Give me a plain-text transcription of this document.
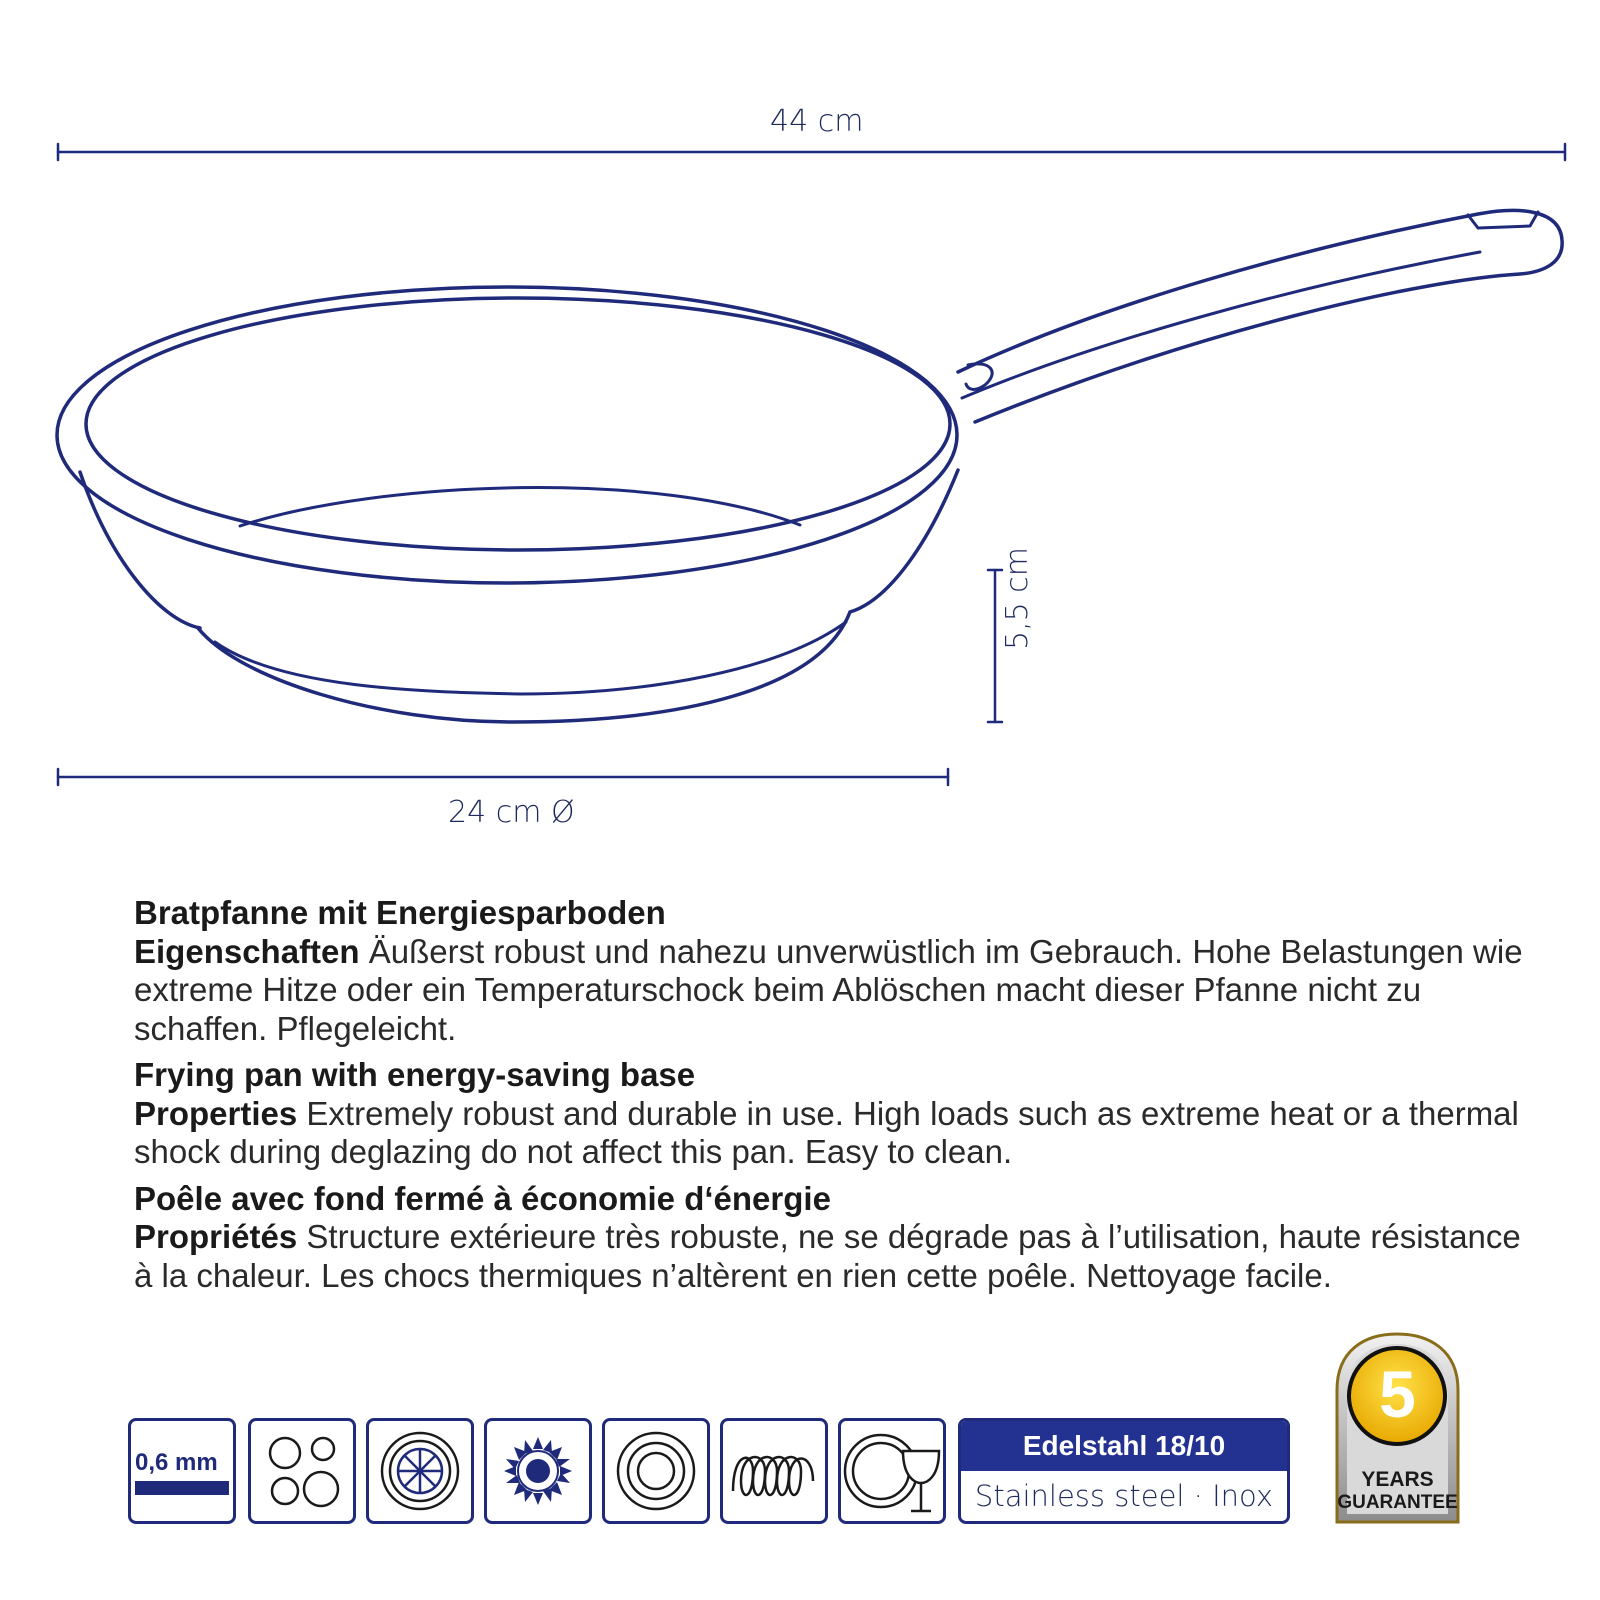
44 cm
24 cm Ø
5,5 cm
Bratpfanne mit Energiesparboden
Eigenschaften Äußerst robust und nahezu unverwüstlich im Gebrauch. Hohe Belastungen wie extreme Hitze oder ein Temperaturschock beim Ablöschen macht dieser Pfanne nicht zu schaffen. Pflegeleicht.
Frying pan with energy-saving base
Properties Extremely robust and durable in use. High loads such as extreme heat or a thermal shock during deglazing do not affect this pan. Easy to clean.
Poêle avec fond fermé à économie d‘énergie
Propriétés Structure extérieure très robuste, ne se dégrade pas à l’utilisation, haute résistance à la chaleur. Les chocs thermiques n’altèrent en rien cette poêle. Nettoyage facile.
0,6 mm
Edelstahl 18/10
Stainless steel · Inox
5
YEARS
GUARANTEE
